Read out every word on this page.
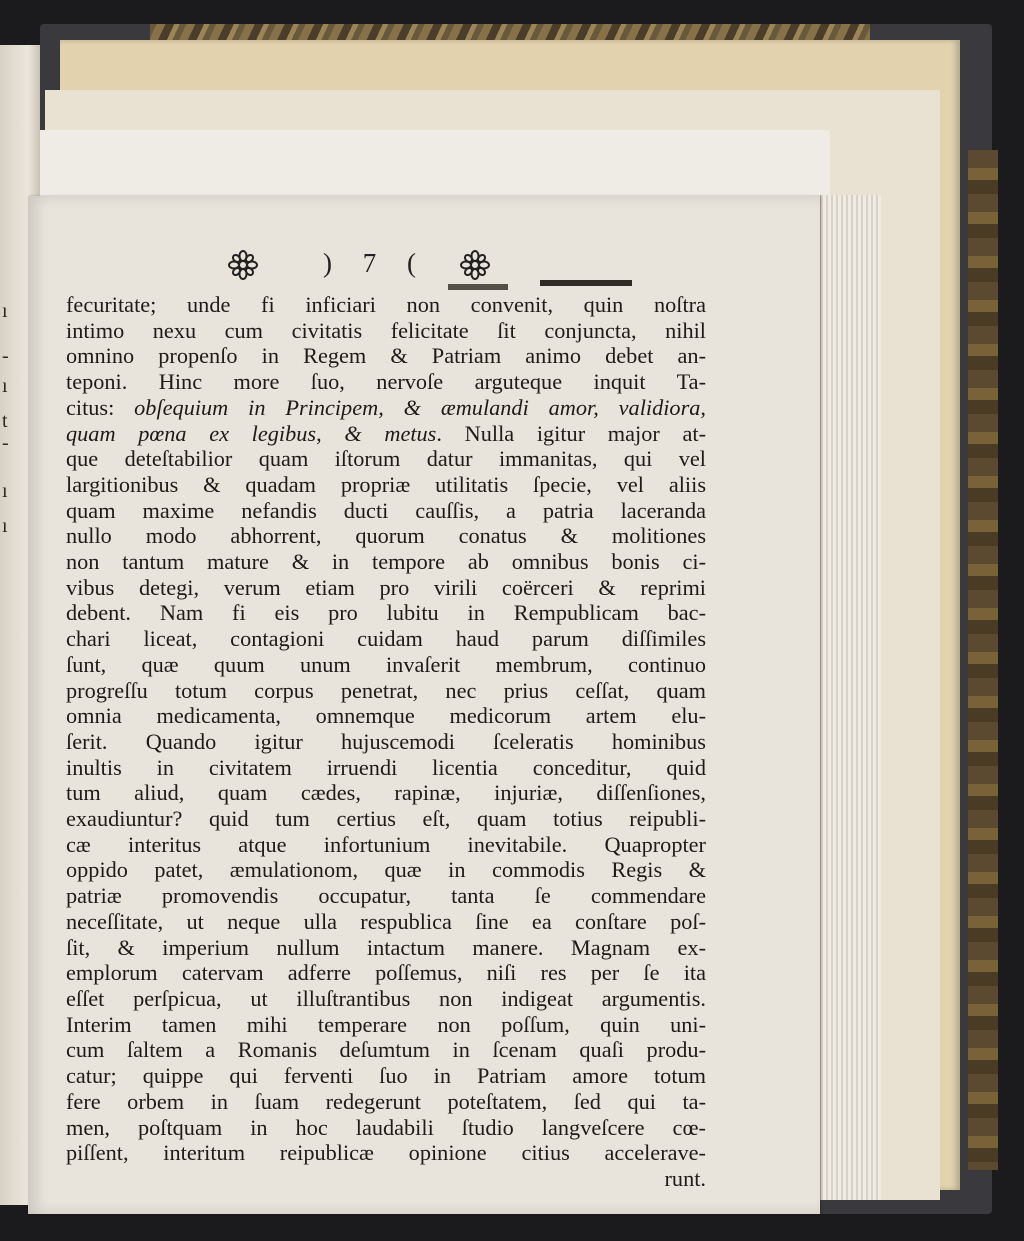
ı
-
ı
t
-
ı
ı
) 7 (
fecuritate; unde fi inficiari non convenit, quin noſtra
intimo nexu cum civitatis felicitate ſit conjuncta, nihil
omnino propenſo in Regem & Patriam animo debet an-
teponi. Hinc more ſuo, nervoſe arguteque inquit Ta-
citus: obſequium in Principem, & æmulandi amor, validiora,
quam pœna ex legibus, & metus. Nulla igitur major at-
que deteſtabilior quam iſtorum datur immanitas, qui vel
largitionibus & quadam propriæ utilitatis ſpecie, vel aliis
quam maxime nefandis ducti cauſſis, a patria laceranda
nullo modo abhorrent, quorum conatus & molitiones
non tantum mature & in tempore ab omnibus bonis ci-
vibus detegi, verum etiam pro virili coërceri & reprimi
debent. Nam fi eis pro lubitu in Rempublicam bac-
chari liceat, contagioni cuidam haud parum diſſimiles
ſunt, quæ quum unum invaſerit membrum, continuo
progreſſu totum corpus penetrat, nec prius ceſſat, quam
omnia medicamenta, omnemque medicorum artem elu-
ſerit. Quando igitur hujuscemodi ſceleratis hominibus
inultis in civitatem irruendi licentia conceditur, quid
tum aliud, quam cædes, rapinæ, injuriæ, diſſenſiones,
exaudiuntur? quid tum certius eſt, quam totius reipubli-
cæ interitus atque infortunium inevitabile. Quapropter
oppido patet, æmulationom, quæ in commodis Regis &
patriæ promovendis occupatur, tanta ſe commendare
neceſſitate, ut neque ulla respublica ſine ea conſtare poſ-
ſit, & imperium nullum intactum manere. Magnam ex-
emplorum catervam adferre poſſemus, niſi res per ſe ita
eſſet perſpicua, ut illuſtrantibus non indigeat argumentis.
Interim tamen mihi temperare non poſſum, quin uni-
cum ſaltem a Romanis deſumtum in ſcenam quaſi produ-
catur; quippe qui ferventi ſuo in Patriam amore totum
fere orbem in ſuam redegerunt poteſtatem, ſed qui ta-
men, poſtquam in hoc laudabili ſtudio langveſcere cœ-
piſſent, interitum reipublicæ opinione citius accelerave-
runt.
